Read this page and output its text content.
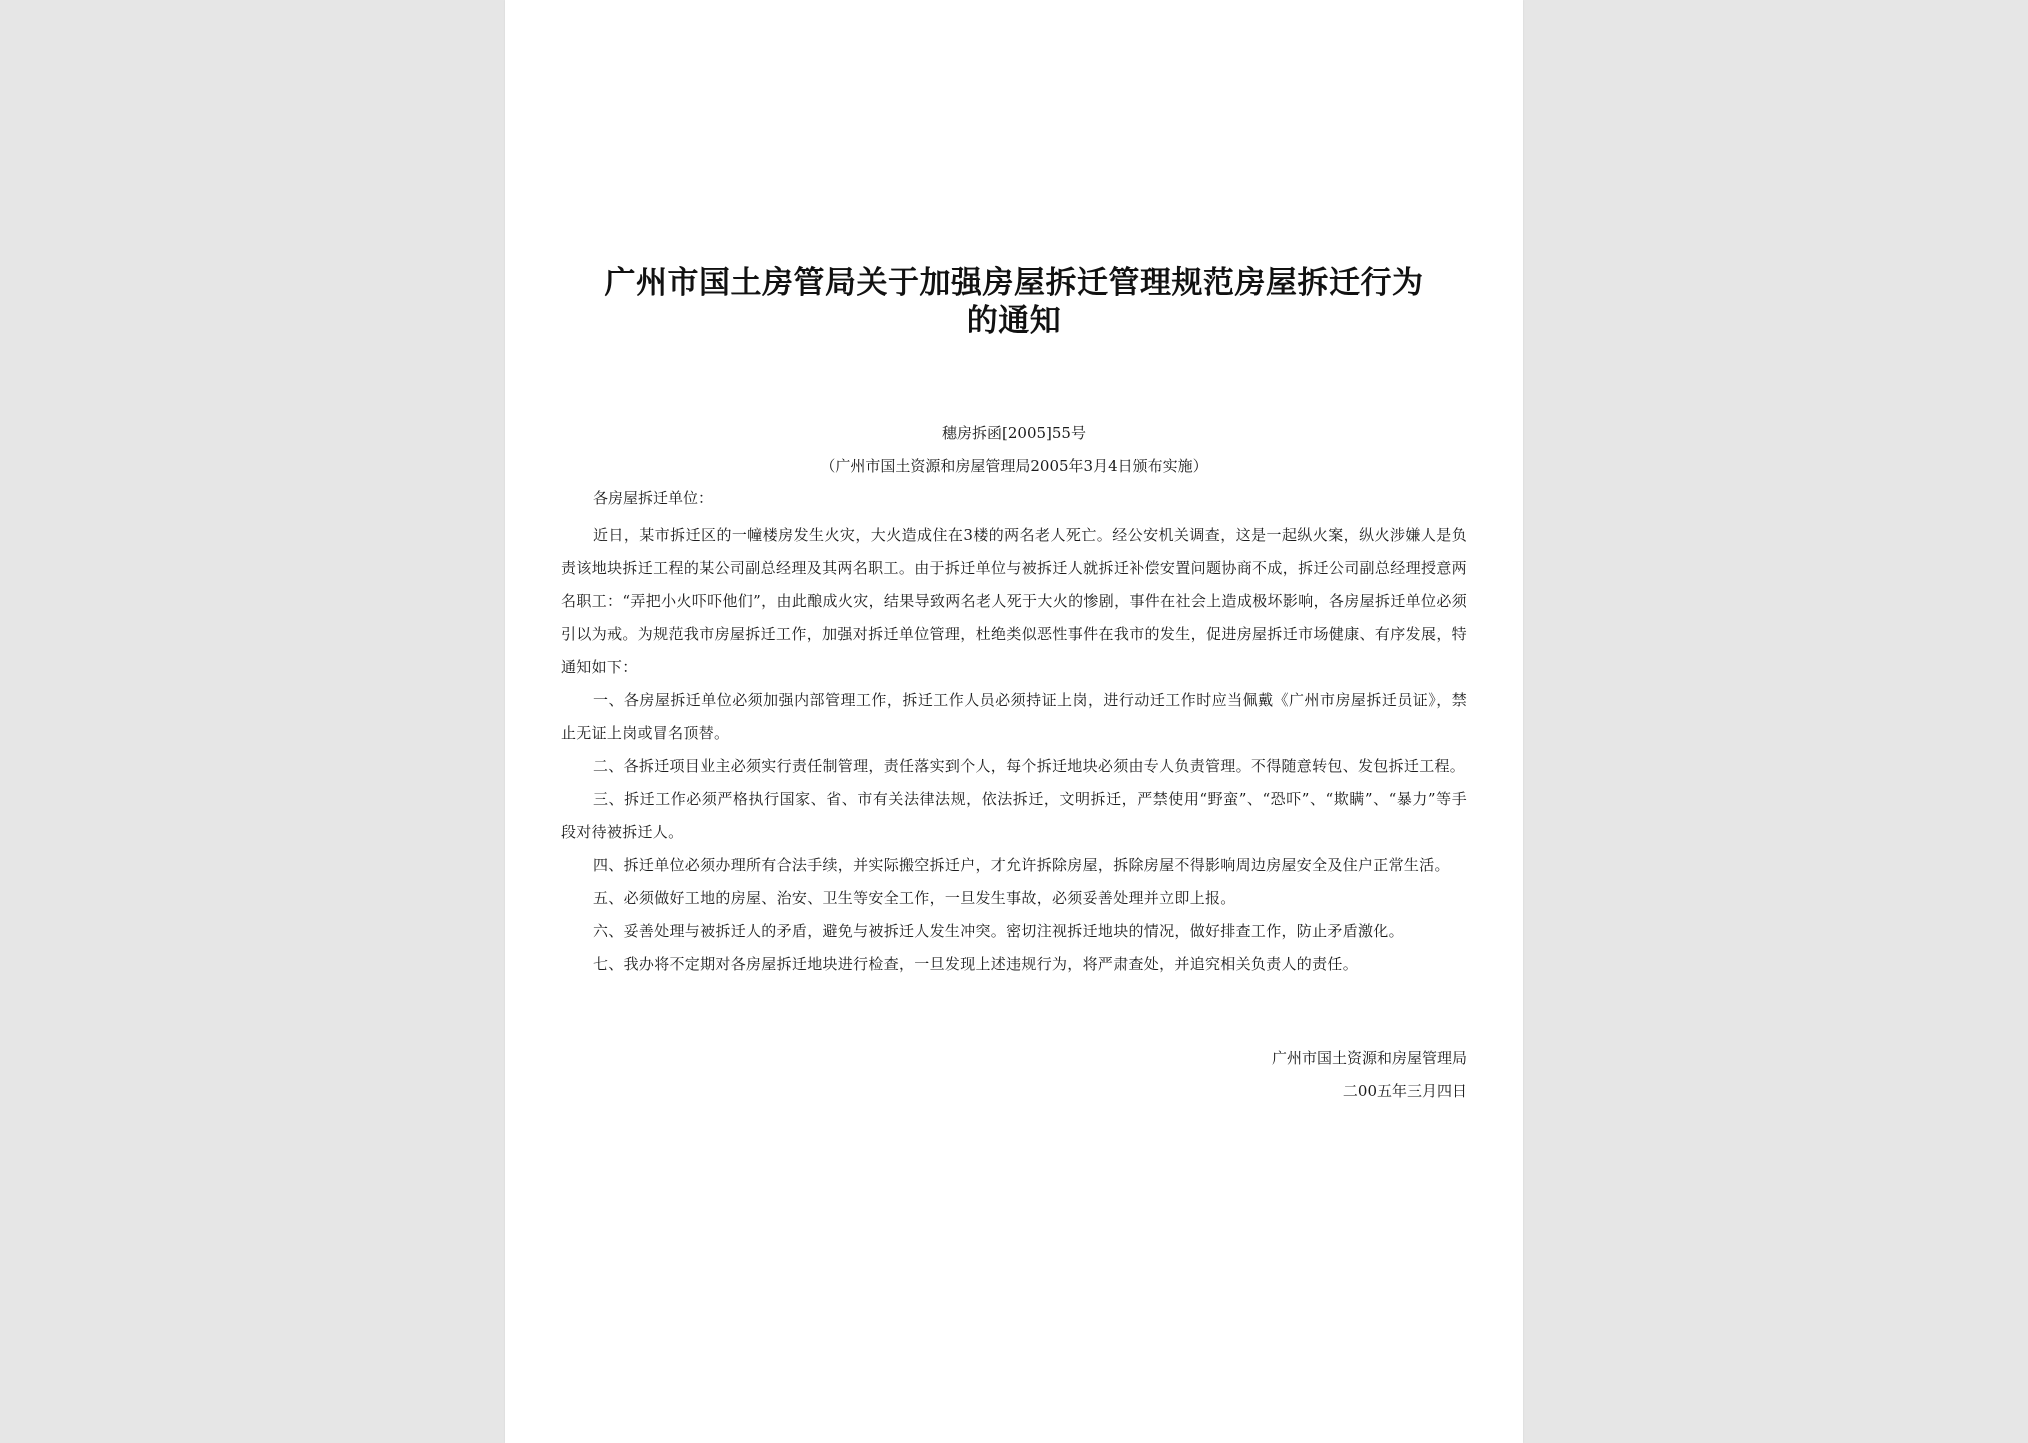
广州市国土房管局关于加强房屋拆迁管理规范房屋拆迁行为的通知
穗房拆函[2005]55号
（广州市国土资源和房屋管理局2005年3月4日颁布实施）
各房屋拆迁单位：

近日，某市拆迁区的一幢楼房发生火灾，大火造成住在3楼的两名老人死亡。经公安机关调查，这是一起纵火案，纵火涉嫌人是负责该地块拆迁工程的某公司副总经理及其两名职工。由于拆迁单位与被拆迁人就拆迁补偿安置问题协商不成，拆迁公司副总经理授意两名职工：“弄把小火吓吓他们”，由此酿成火灾，结果导致两名老人死于大火的惨剧，事件在社会上造成极坏影响，各房屋拆迁单位必须引以为戒。为规范我市房屋拆迁工作，加强对拆迁单位管理，杜绝类似恶性事件在我市的发生，促进房屋拆迁市场健康、有序发展，特通知如下：

一、各房屋拆迁单位必须加强内部管理工作，拆迁工作人员必须持证上岗，进行动迁工作时应当佩戴《广州市房屋拆迁员证》，禁止无证上岗或冒名顶替。

二、各拆迁项目业主必须实行责任制管理，责任落实到个人，每个拆迁地块必须由专人负责管理。不得随意转包、发包拆迁工程。

三、拆迁工作必须严格执行国家、省、市有关法律法规，依法拆迁，文明拆迁，严禁使用“野蛮”、“恐吓”、“欺瞒”、“暴力”等手段对待被拆迁人。

四、拆迁单位必须办理所有合法手续，并实际搬空拆迁户，才允许拆除房屋，拆除房屋不得影响周边房屋安全及住户正常生活。

五、必须做好工地的房屋、治安、卫生等安全工作，一旦发生事故，必须妥善处理并立即上报。

六、妥善处理与被拆迁人的矛盾，避免与被拆迁人发生冲突。密切注视拆迁地块的情况，做好排查工作，防止矛盾激化。

七、我办将不定期对各房屋拆迁地块进行检查，一旦发现上述违规行为，将严肃查处，并追究相关负责人的责任。

广州市国土资源和房屋管理局
二00五年三月四日
